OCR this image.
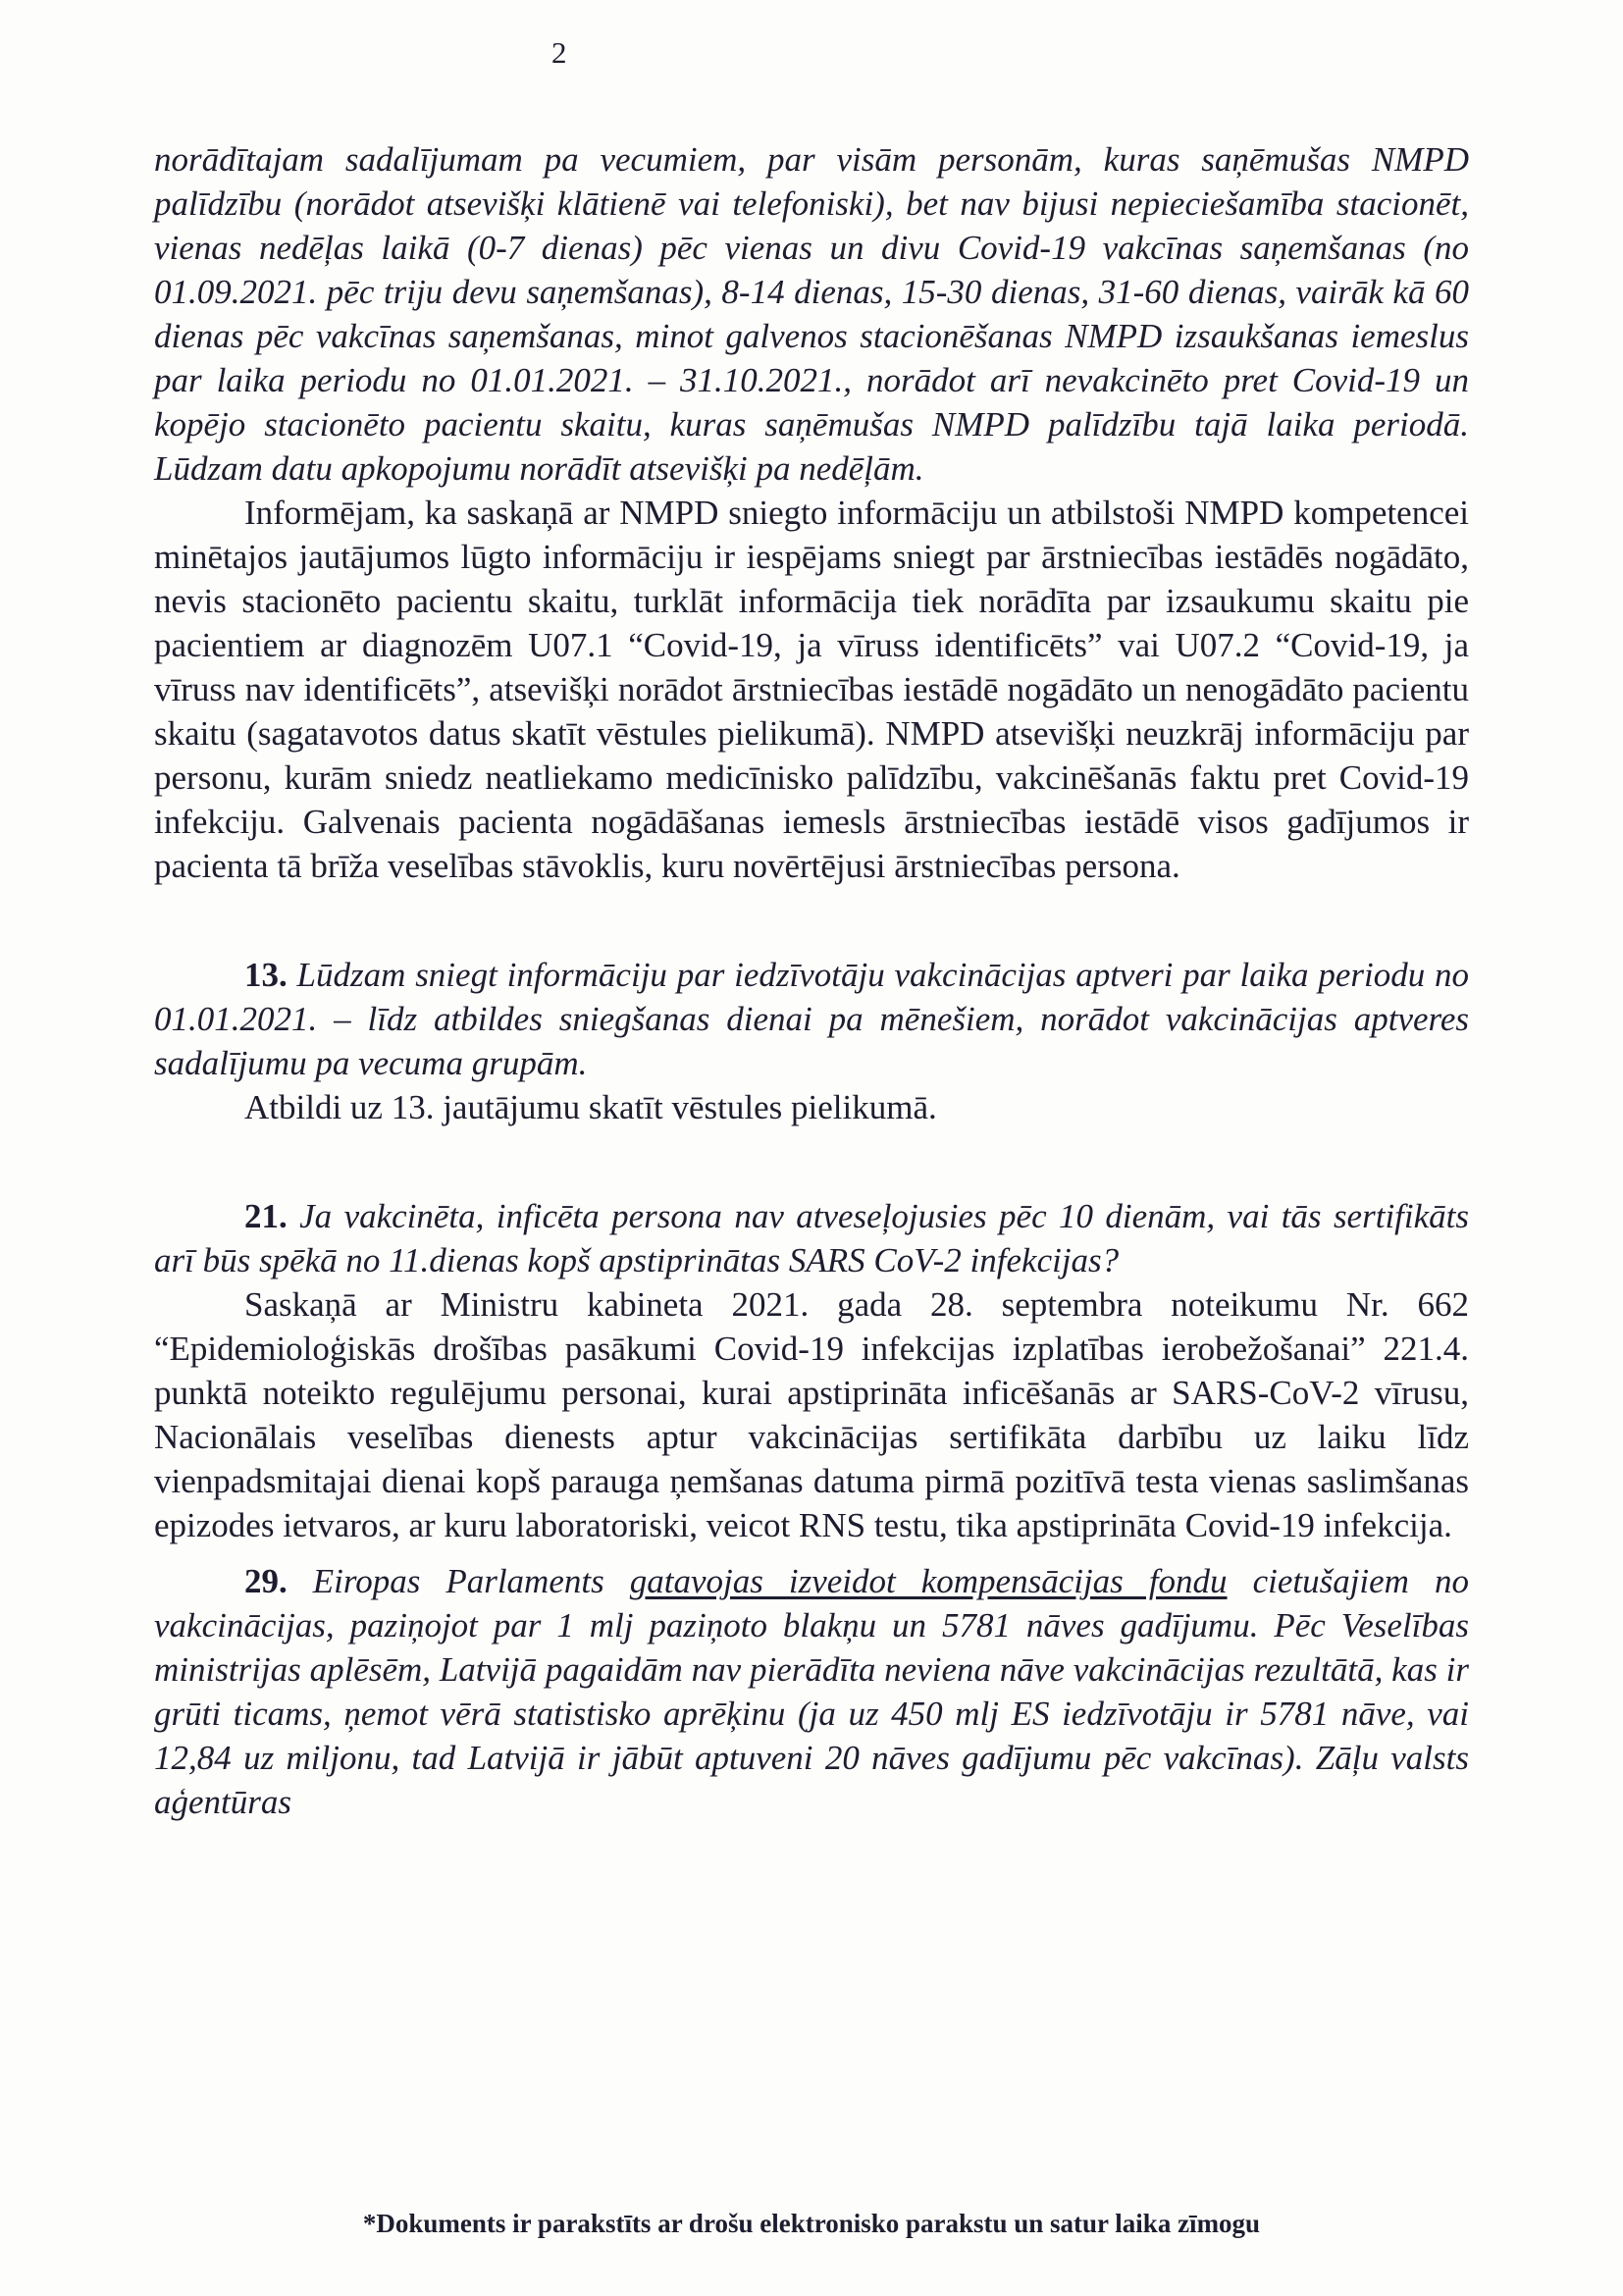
2

norādītajam sadalījumam pa vecumiem, par visām personām, kuras saņēmušas NMPD palīdzību (norādot atsevišķi klātienē vai telefoniski), bet nav bijusi nepieciešamība stacionēt, vienas nedēļas laikā (0-7 dienas) pēc vienas un divu Covid-19 vakcīnas saņemšanas (no 01.09.2021. pēc triju devu saņemšanas), 8-14 dienas, 15-30 dienas, 31-60 dienas, vairāk kā 60 dienas pēc vakcīnas saņemšanas, minot galvenos stacionēšanas NMPD izsaukšanas iemeslus par laika periodu no 01.01.2021. – 31.10.2021., norādot arī nevakcinēto pret Covid-19 un kopējo stacionēto pacientu skaitu, kuras saņēmušas NMPD palīdzību tajā laika periodā. Lūdzam datu apkopojumu norādīt atsevišķi pa nedēļām.

Informējam, ka saskaņā ar NMPD sniegto informāciju un atbilstoši NMPD kompetencei minētajos jautājumos lūgto informāciju ir iespējams sniegt par ārstniecības iestādēs nogādāto, nevis stacionēto pacientu skaitu, turklāt informācija tiek norādīta par izsaukumu skaitu pie pacientiem ar diagnozēm U07.1 “Covid-19, ja vīruss identificēts” vai U07.2 “Covid-19, ja vīruss nav identificēts”, atsevišķi norādot ārstniecības iestādē nogādāto un nenogādāto pacientu skaitu (sagatavotos datus skatīt vēstules pielikumā). NMPD atsevišķi neuzkrāj informāciju par personu, kurām sniedz neatliekamo medicīnisko palīdzību, vakcinēšanās faktu pret Covid-19 infekciju. Galvenais pacienta nogādāšanas iemesls ārstniecības iestādē visos gadījumos ir pacienta tā brīža veselības stāvoklis, kuru novērtējusi ārstniecības persona.

13. Lūdzam sniegt informāciju par iedzīvotāju vakcinācijas aptveri par laika periodu no 01.01.2021. – līdz atbildes sniegšanas dienai pa mēnešiem, norādot vakcinācijas aptveres sadalījumu pa vecuma grupām.

Atbildi uz 13. jautājumu skatīt vēstules pielikumā.

21. Ja vakcinēta, inficēta persona nav atveseļojusies pēc 10 dienām, vai tās sertifikāts arī būs spēkā no 11.dienas kopš apstiprinātas SARS CoV-2 infekcijas?

Saskaņā ar Ministru kabineta 2021. gada 28. septembra noteikumu Nr. 662 “Epidemioloģiskās drošības pasākumi Covid-19 infekcijas izplatības ierobežošanai” 221.4. punktā noteikto regulējumu personai, kurai apstiprināta inficēšanās ar SARS-CoV-2 vīrusu, Nacionālais veselības dienests aptur vakcinācijas sertifikāta darbību uz laiku līdz vienpadsmitajai dienai kopš parauga ņemšanas datuma pirmā pozitīvā testa vienas saslimšanas epizodes ietvaros, ar kuru laboratoriski, veicot RNS testu, tika apstiprināta Covid-19 infekcija.

29. Eiropas Parlaments gatavojas izveidot kompensācijas fondu cietušajiem no vakcinācijas, paziņojot par 1 mlj paziņoto blakņu un 5781 nāves gadījumu. Pēc Veselības ministrijas aplēsēm, Latvijā pagaidām nav pierādīta neviena nāve vakcinācijas rezultātā, kas ir grūti ticams, ņemot vērā statistisko aprēķinu (ja uz 450 mlj ES iedzīvotāju ir 5781 nāve, vai 12,84 uz miljonu, tad Latvijā ir jābūt aptuveni 20 nāves gadījumu pēc vakcīnas). Zāļu valsts aģentūras

*Dokuments ir parakstīts ar drošu elektronisko parakstu un satur laika zīmogu
